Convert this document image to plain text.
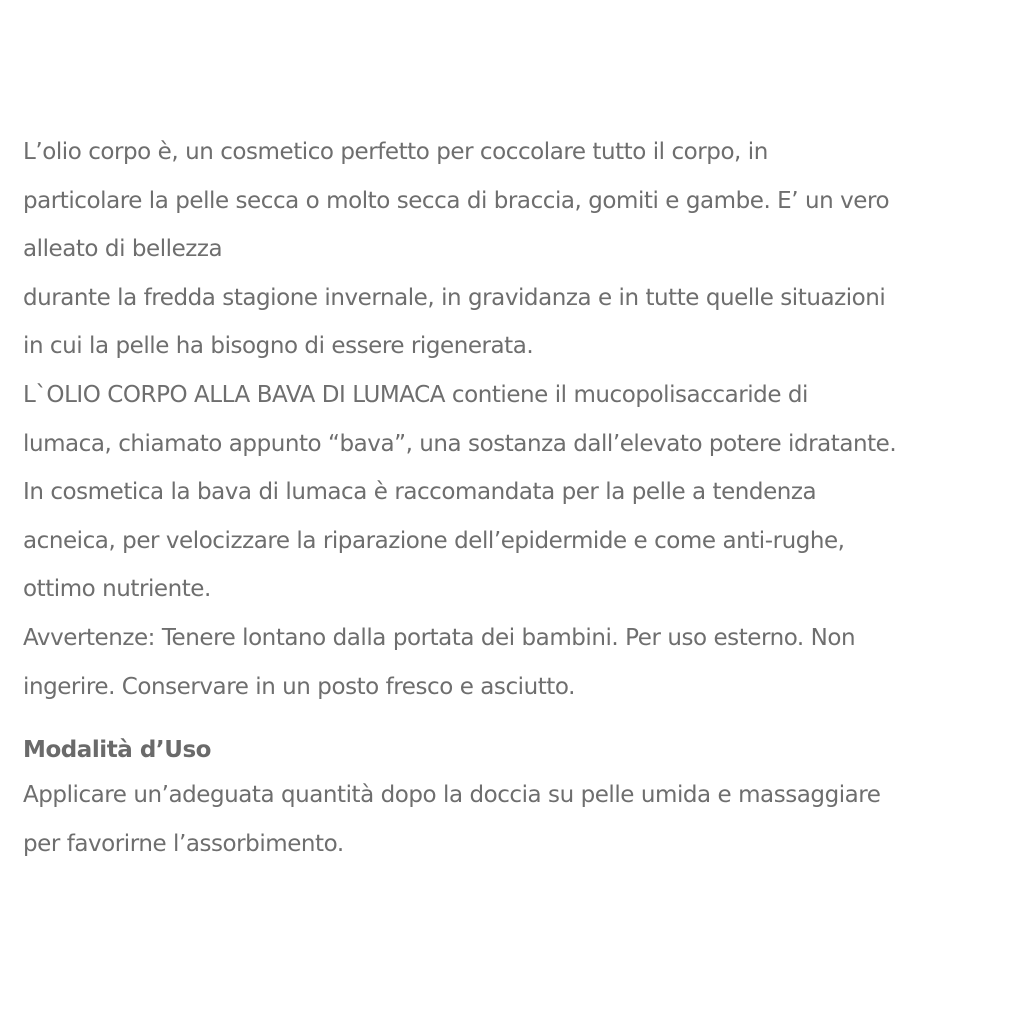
L’olio corpo è, un cosmetico perfetto per coccolare tutto il corpo, in
particolare la pelle secca o molto secca di braccia, gomiti e gambe. E’ un vero
alleato di bellezza
durante la fredda stagione invernale, in gravidanza e in tutte quelle situazioni
in cui la pelle ha bisogno di essere rigenerata.
L`OLIO CORPO ALLA BAVA DI LUMACA contiene il mucopolisaccaride di
lumaca, chiamato appunto “bava”, una sostanza dall’elevato potere idratante.
In cosmetica la bava di lumaca è raccomandata per la pelle a tendenza
acneica, per velocizzare la riparazione dell’epidermide e come anti-rughe,
ottimo nutriente.
Avvertenze: Tenere lontano dalla portata dei bambini. Per uso esterno. Non
ingerire. Conservare in un posto fresco e asciutto.
Modalità d’Uso
Applicare un’adeguata quantità dopo la doccia su pelle umida e massaggiare
per favorirne l’assorbimento.
